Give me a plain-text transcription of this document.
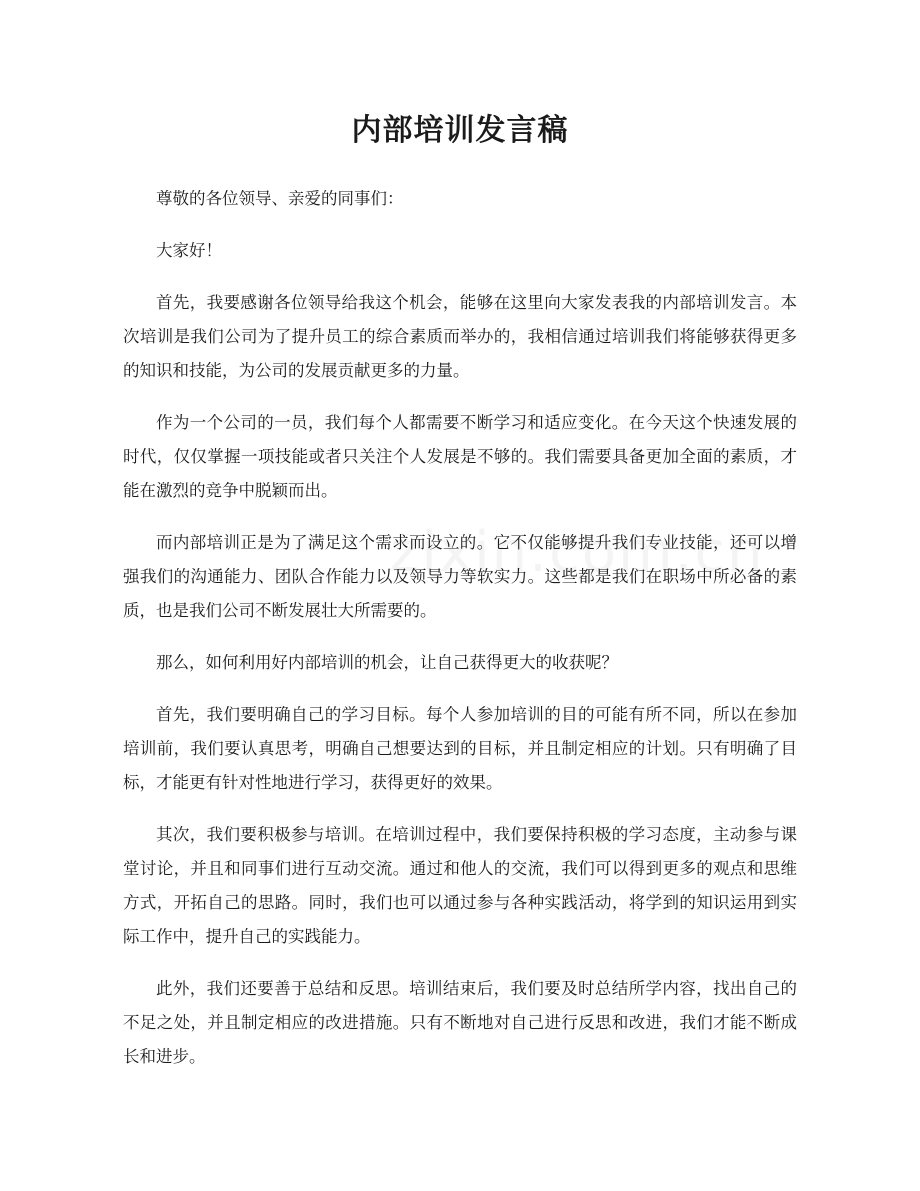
内部培训发言稿

尊敬的各位领导、亲爱的同事们：

大家好！

首先，我要感谢各位领导给我这个机会，能够在这里向大家发表我的内部培训发言。本次培训是我们公司为了提升员工的综合素质而举办的，我相信通过培训我们将能够获得更多的知识和技能，为公司的发展贡献更多的力量。

作为一个公司的一员，我们每个人都需要不断学习和适应变化。在今天这个快速发展的时代，仅仅掌握一项技能或者只关注个人发展是不够的。我们需要具备更加全面的素质，才能在激烈的竞争中脱颖而出。

而内部培训正是为了满足这个需求而设立的。它不仅能够提升我们专业技能，还可以增强我们的沟通能力、团队合作能力以及领导力等软实力。这些都是我们在职场中所必备的素质，也是我们公司不断发展壮大所需要的。

那么，如何利用好内部培训的机会，让自己获得更大的收获呢？

首先，我们要明确自己的学习目标。每个人参加培训的目的可能有所不同，所以在参加培训前，我们要认真思考，明确自己想要达到的目标，并且制定相应的计划。只有明确了目标，才能更有针对性地进行学习，获得更好的效果。

其次，我们要积极参与培训。在培训过程中，我们要保持积极的学习态度，主动参与课堂讨论，并且和同事们进行互动交流。通过和他人的交流，我们可以得到更多的观点和思维方式，开拓自己的思路。同时，我们也可以通过参与各种实践活动，将学到的知识运用到实际工作中，提升自己的实践能力。

此外，我们还要善于总结和反思。培训结束后，我们要及时总结所学内容，找出自己的不足之处，并且制定相应的改进措施。只有不断地对自己进行反思和改进，我们才能不断成长和进步。
